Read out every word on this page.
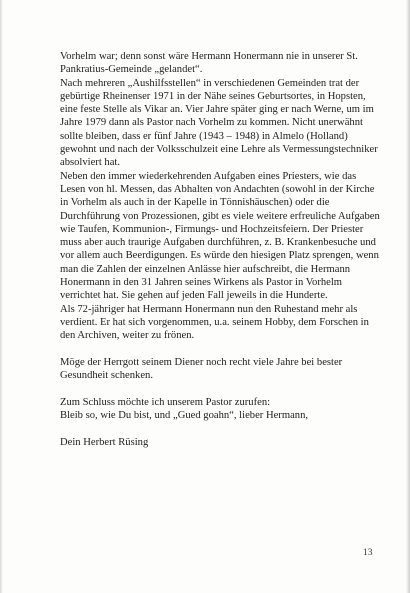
Vorhelm war; denn sonst wäre Hermann Honermann nie in unserer St. Pankratius-Gemeinde „gelandet“.

Nach mehreren „Aushilfsstellen“ in verschiedenen Gemeinden trat der gebürtige Rheinenser 1971 in der Nähe seines Geburtsortes, in Hopsten, eine feste Stelle als Vikar an. Vier Jahre später ging er nach Werne, um im Jahre 1979 dann als Pastor nach Vorhelm zu kommen. Nicht unerwähnt sollte bleiben, dass er fünf Jahre (1943 – 1948) in Almelo (Holland) gewohnt und nach der Volksschulzeit eine Lehre als Vermessungstechniker absolviert hat.

Neben den immer wiederkehrenden Aufgaben eines Priesters, wie das Lesen von hl. Messen, das Abhalten von Andachten (sowohl in der Kirche in Vorhelm als auch in der Kapelle in Tönnishäuschen) oder die Durchführung von Prozessionen, gibt es viele weitere erfreuliche Aufgaben wie Taufen, Kommunion-, Firmungs- und Hochzeitsfeiern. Der Priester muss aber auch traurige Aufgaben durchführen, z. B. Krankenbesuche und vor allem auch Beerdigungen. Es würde den hiesigen Platz sprengen, wenn man die Zahlen der einzelnen Anlässe hier aufschreibt, die Hermann Honermann in den 31 Jahren seines Wirkens als Pastor in Vorhelm verrichtet hat. Sie gehen auf jeden Fall jeweils in die Hunderte.

Als 72-jähriger hat Hermann Honermann nun den Ruhestand mehr als verdient. Er hat sich vorgenommen, u.a. seinem Hobby, dem Forschen in den Archiven, weiter zu frönen.

Möge der Herrgott seinem Diener noch recht viele Jahre bei bester Gesundheit schenken.

Zum Schluss möchte ich unserem Pastor zurufen:

Bleib so, wie Du bist, und „Gued goahn“, lieber Hermann,

Dein Herbert Rüsing

13
